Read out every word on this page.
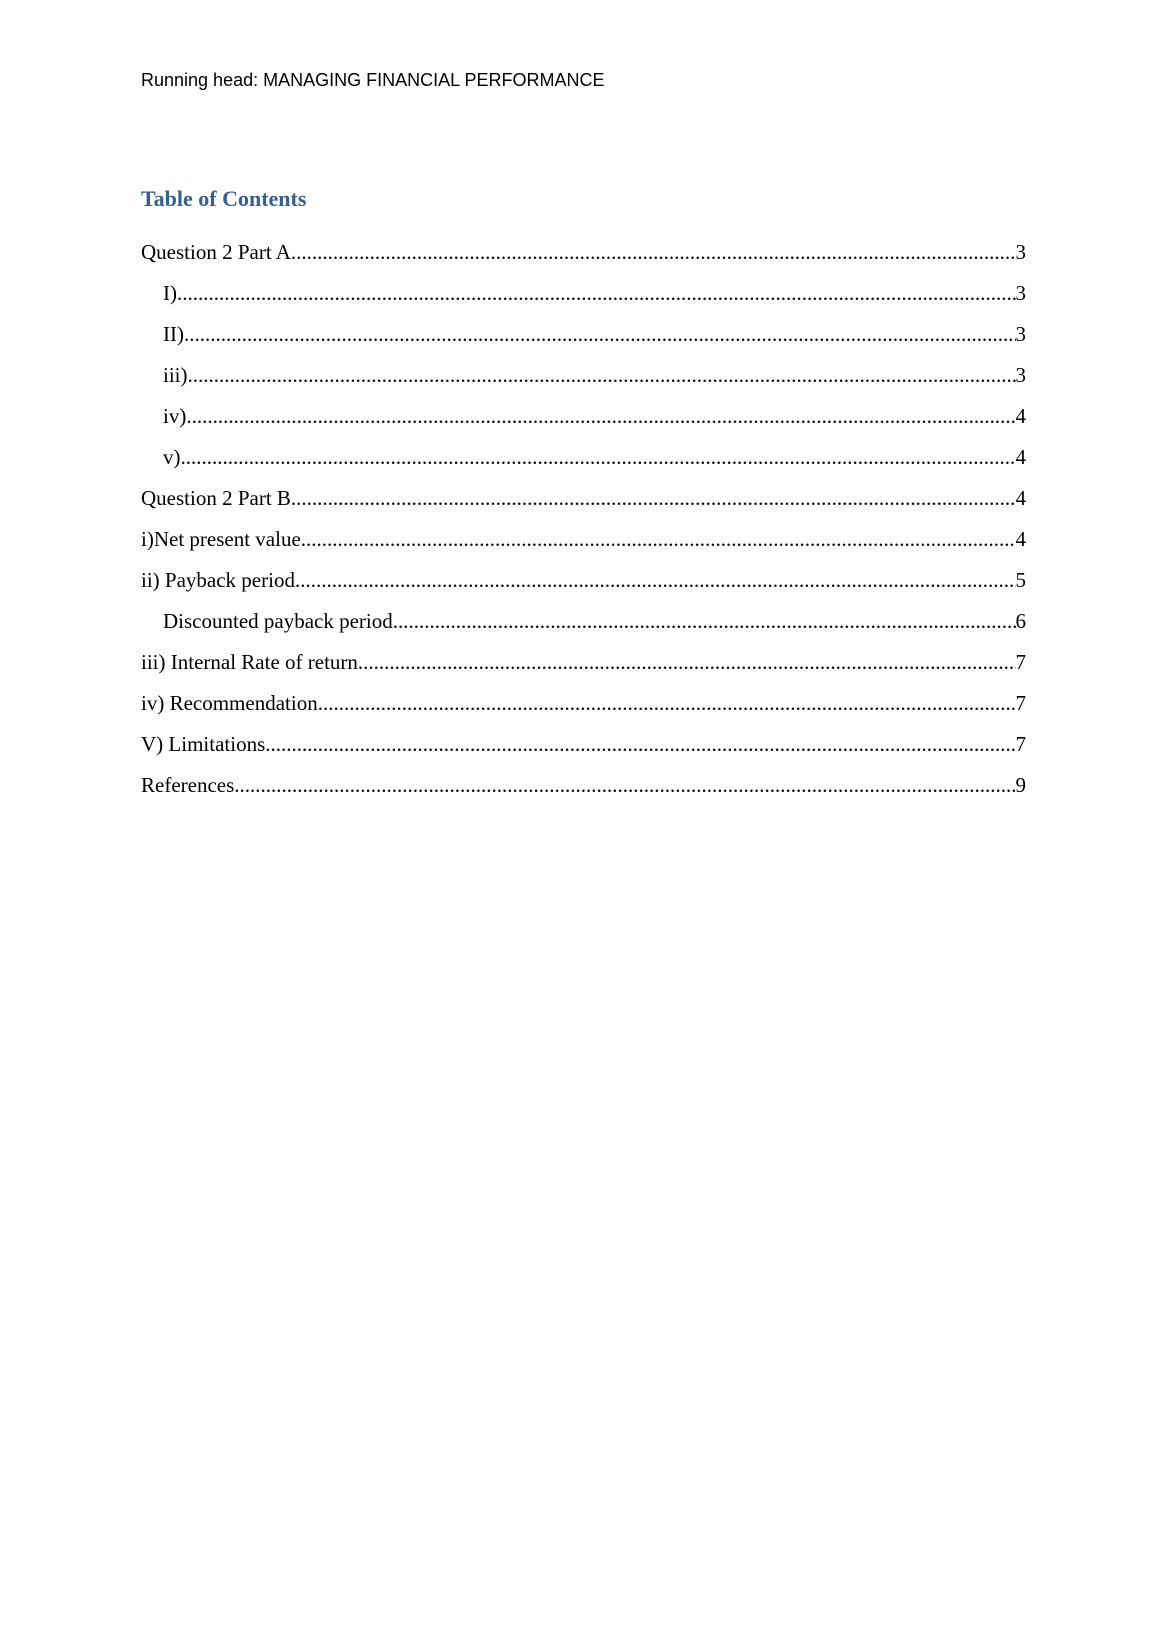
Running head: MANAGING FINANCIAL PERFORMANCE
Table of Contents
Question 2 Part A .....	3
I) .....	3
II) .....	3
iii) .....	3
iv) .....	4
v) .....	4
Question 2 Part B .....	4
i)Net present value .....	4
ii) Payback period .....	5
Discounted payback period .....	6
iii) Internal Rate of return .....	7
iv) Recommendation .....	7
V) Limitations .....	7
References .....	9
